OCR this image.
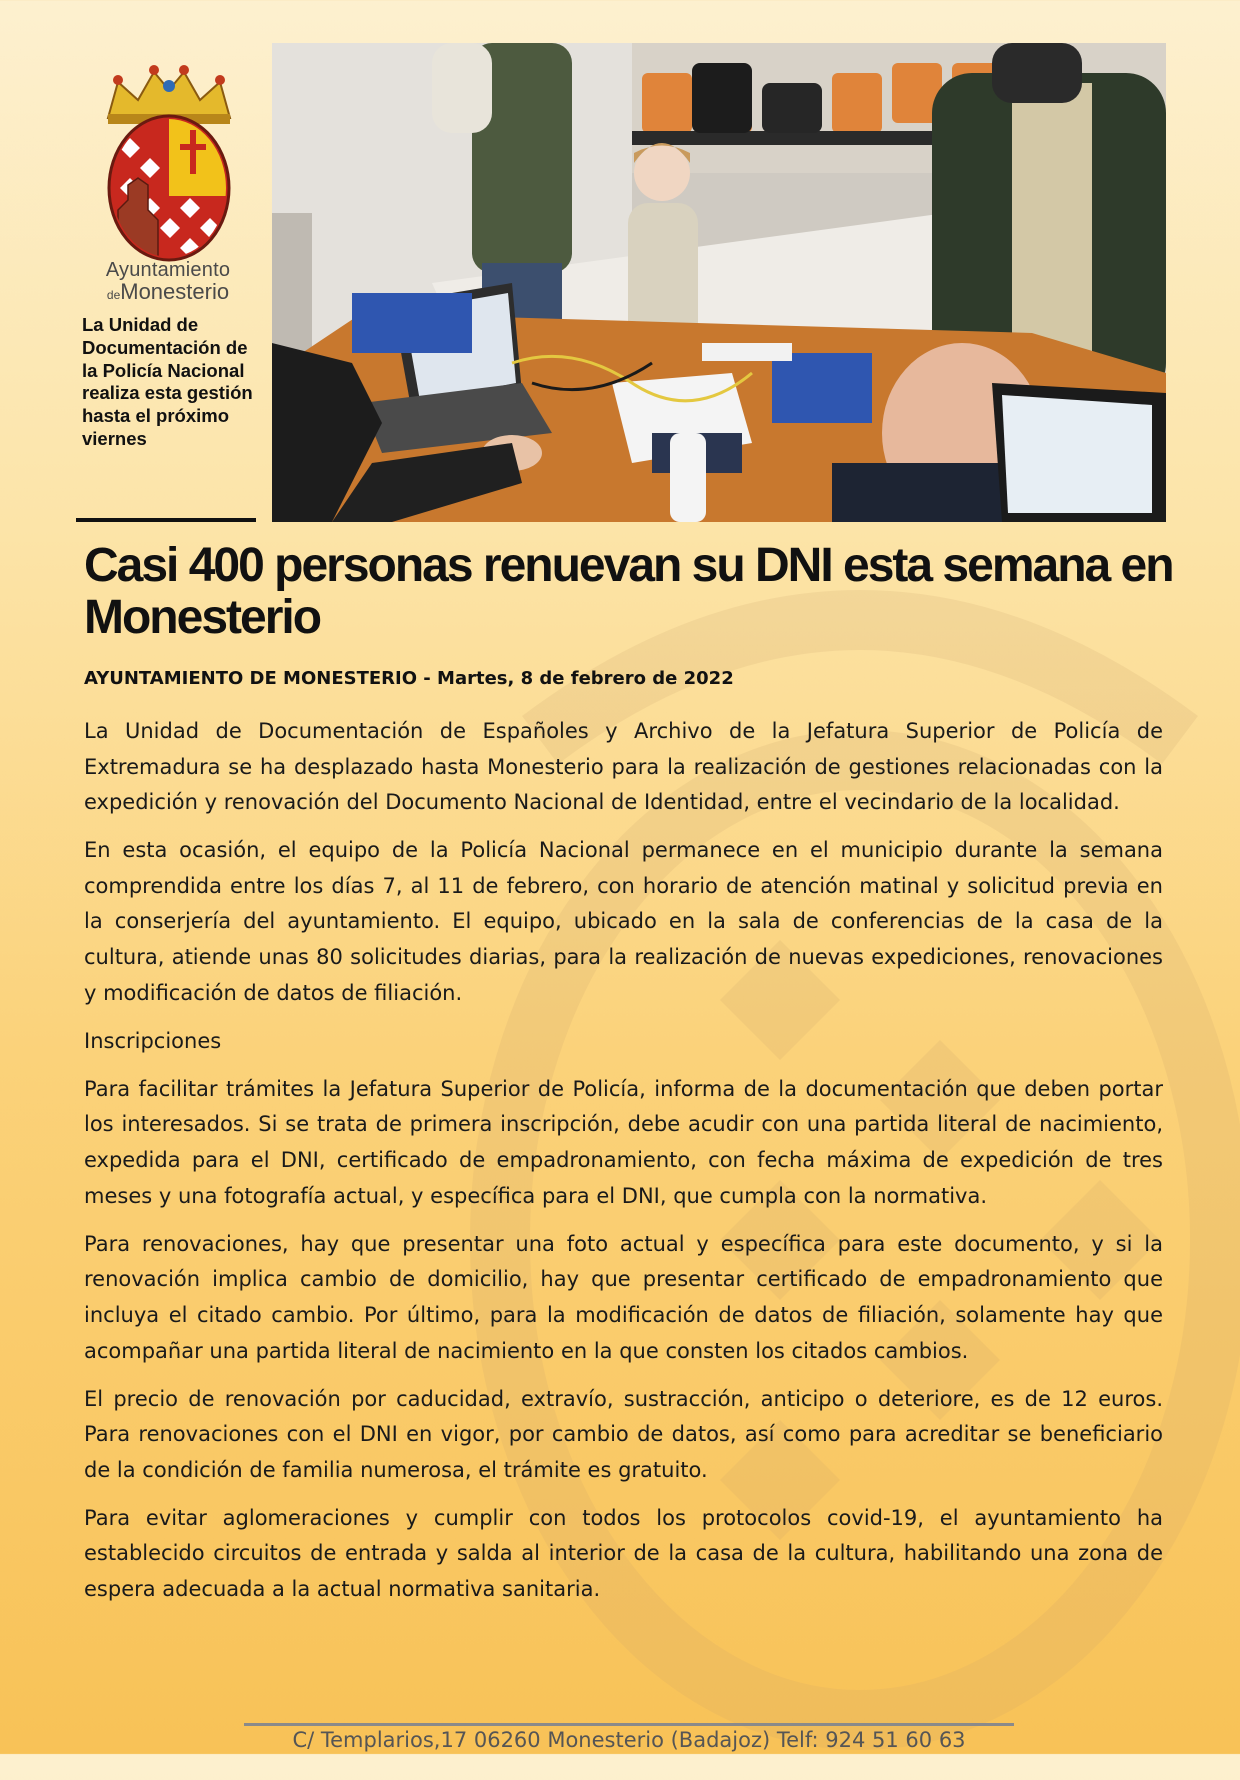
Ayuntamiento
deMonesterio
La Unidad de Documentación de la Policía Nacional realiza esta gestión hasta el próximo viernes
Casi 400 personas renuevan su DNI esta semana en Monesterio
AYUNTAMIENTO DE MONESTERIO - Martes, 8 de febrero de 2022

La Unidad de Documentación de Españoles y Archivo de la Jefatura Superior de Policía de Extremadura se ha desplazado hasta Monesterio para la realización de gestiones relacionadas con la expedición y renovación del Documento Nacional de Identidad, entre el vecindario de la localidad.

En esta ocasión, el equipo de la Policía Nacional permanece en el municipio durante la semana comprendida entre los días 7, al 11 de febrero, con horario de atención matinal y solicitud previa en la conserjería del ayuntamiento. El equipo, ubicado en la sala de conferencias de la casa de la cultura, atiende unas 80 solicitudes diarias, para la realización de nuevas expediciones, renovaciones y modificación de datos de filiación.

Inscripciones

Para facilitar trámites la Jefatura Superior de Policía, informa de la documentación que deben portar los interesados. Si se trata de primera inscripción, debe acudir con una partida literal de nacimiento, expedida para el DNI, certificado de empadronamiento, con fecha máxima de expedición de tres meses y una fotografía actual, y específica para el DNI, que cumpla con la normativa.

Para renovaciones, hay que presentar una foto actual y específica para este documento, y si la renovación implica cambio de domicilio, hay que presentar certificado de empadronamiento que incluya el citado cambio. Por último, para la modificación de datos de filiación, solamente hay que acompañar una partida literal de nacimiento en la que consten los citados cambios.

El precio de renovación por caducidad, extravío, sustracción, anticipo o deteriore, es de 12 euros. Para renovaciones con el DNI en vigor, por cambio de datos, así como para acreditar se beneficiario de la condición de familia numerosa, el trámite es gratuito.

Para evitar aglomeraciones y cumplir con todos los protocolos covid-19, el ayuntamiento ha establecido circuitos de entrada y salda al interior de la casa de la cultura, habilitando una zona de espera adecuada a la actual normativa sanitaria.

C/ Templarios,17 06260 Monesterio (Badajoz) Telf: 924 51 60 63
